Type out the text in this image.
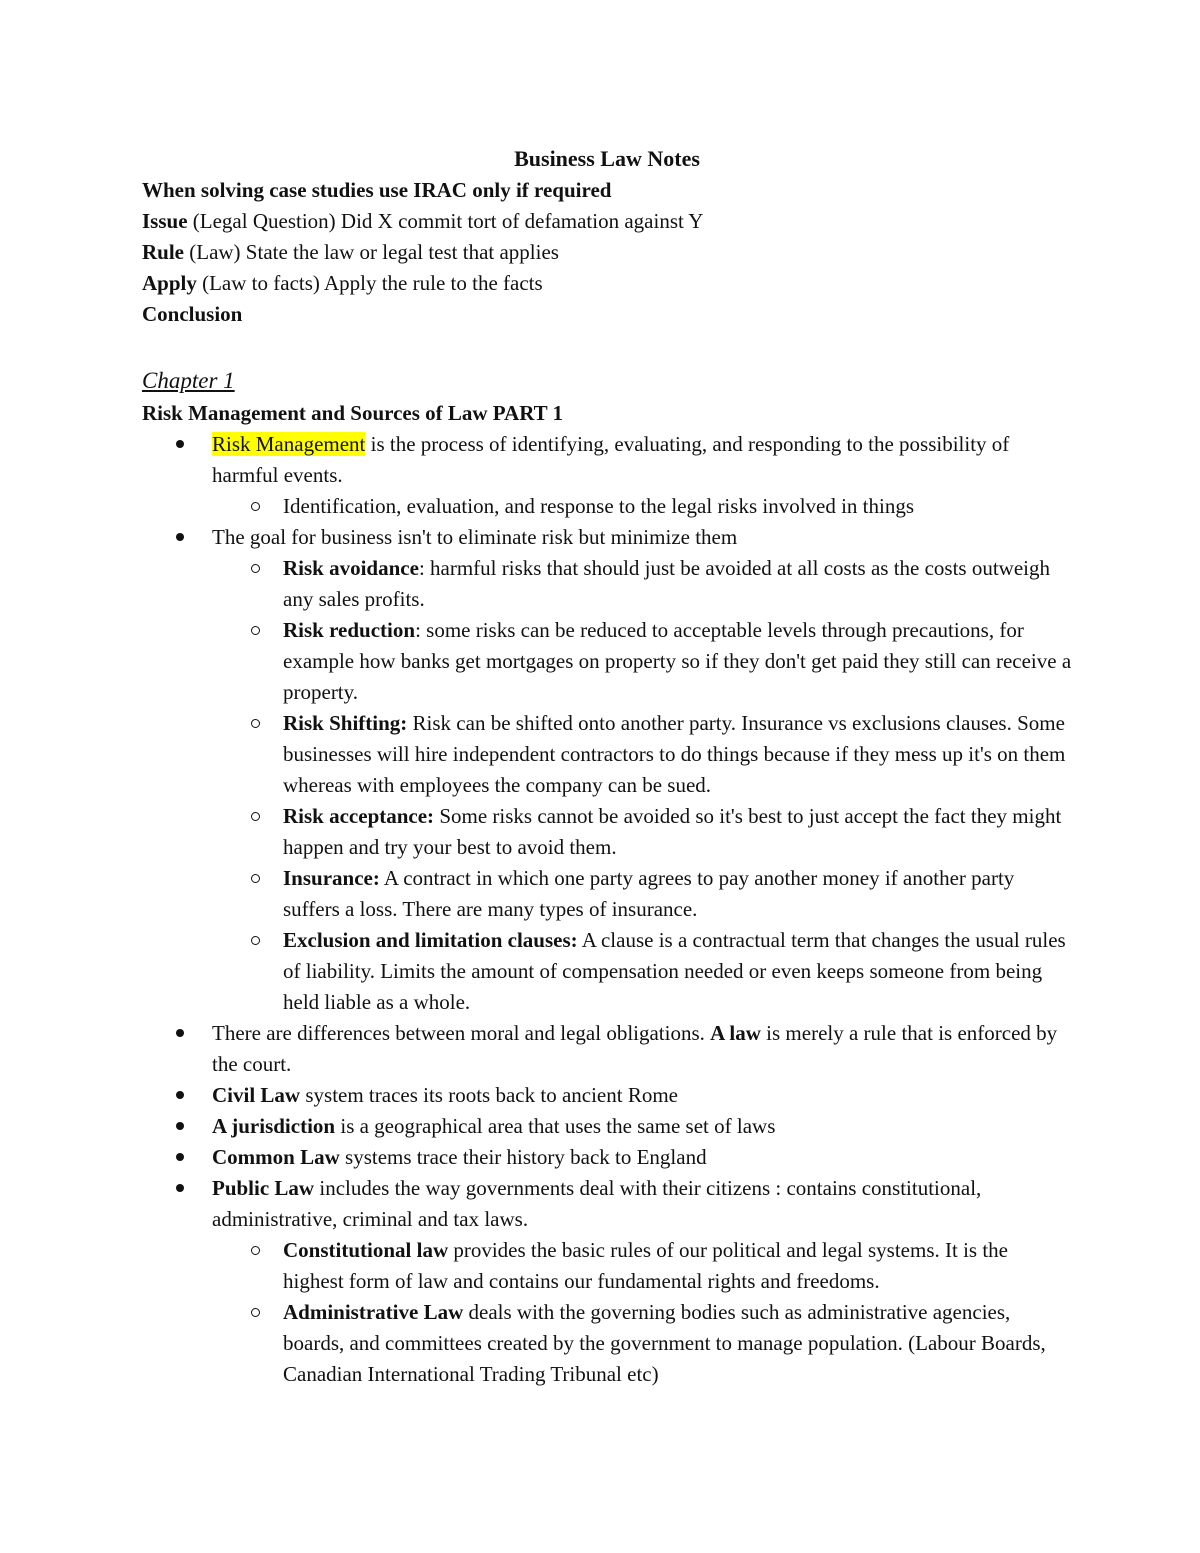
Business Law Notes

When solving case studies use IRAC only if required

Issue (Legal Question) Did X commit tort of defamation against Y

Rule (Law) State the law or legal test that applies

Apply (Law to facts) Apply the rule to the facts

Conclusion

Chapter 1

Risk Management and Sources of Law PART 1

Risk Management is the process of identifying, evaluating, and responding to the possibility of harmful events.
Identification, evaluation, and response to the legal risks involved in things
The goal for business isn't to eliminate risk but minimize them
Risk avoidance: harmful risks that should just be avoided at all costs as the costs outweigh any sales profits.
Risk reduction: some risks can be reduced to acceptable levels through precautions, for example how banks get mortgages on property so if they don't get paid they still can receive a property.
Risk Shifting: Risk can be shifted onto another party. Insurance vs exclusions clauses. Some businesses will hire independent contractors to do things because if they mess up it's on them whereas with employees the company can be sued.
Risk acceptance: Some risks cannot be avoided so it's best to just accept the fact they might happen and try your best to avoid them.
Insurance: A contract in which one party agrees to pay another money if another party suffers a loss. There are many types of insurance.
Exclusion and limitation clauses: A clause is a contractual term that changes the usual rules of liability. Limits the amount of compensation needed or even keeps someone from being held liable as a whole.
There are differences between moral and legal obligations. A law is merely a rule that is enforced by the court.
Civil Law system traces its roots back to ancient Rome
A jurisdiction is a geographical area that uses the same set of laws
Common Law systems trace their history back to England
Public Law includes the way governments deal with their citizens : contains constitutional, administrative, criminal and tax laws.
Constitutional law provides the basic rules of our political and legal systems. It is the highest form of law and contains our fundamental rights and freedoms.
Administrative Law deals with the governing bodies such as administrative agencies, boards, and committees created by the government to manage population. (Labour Boards, Canadian International Trading Tribunal etc)
